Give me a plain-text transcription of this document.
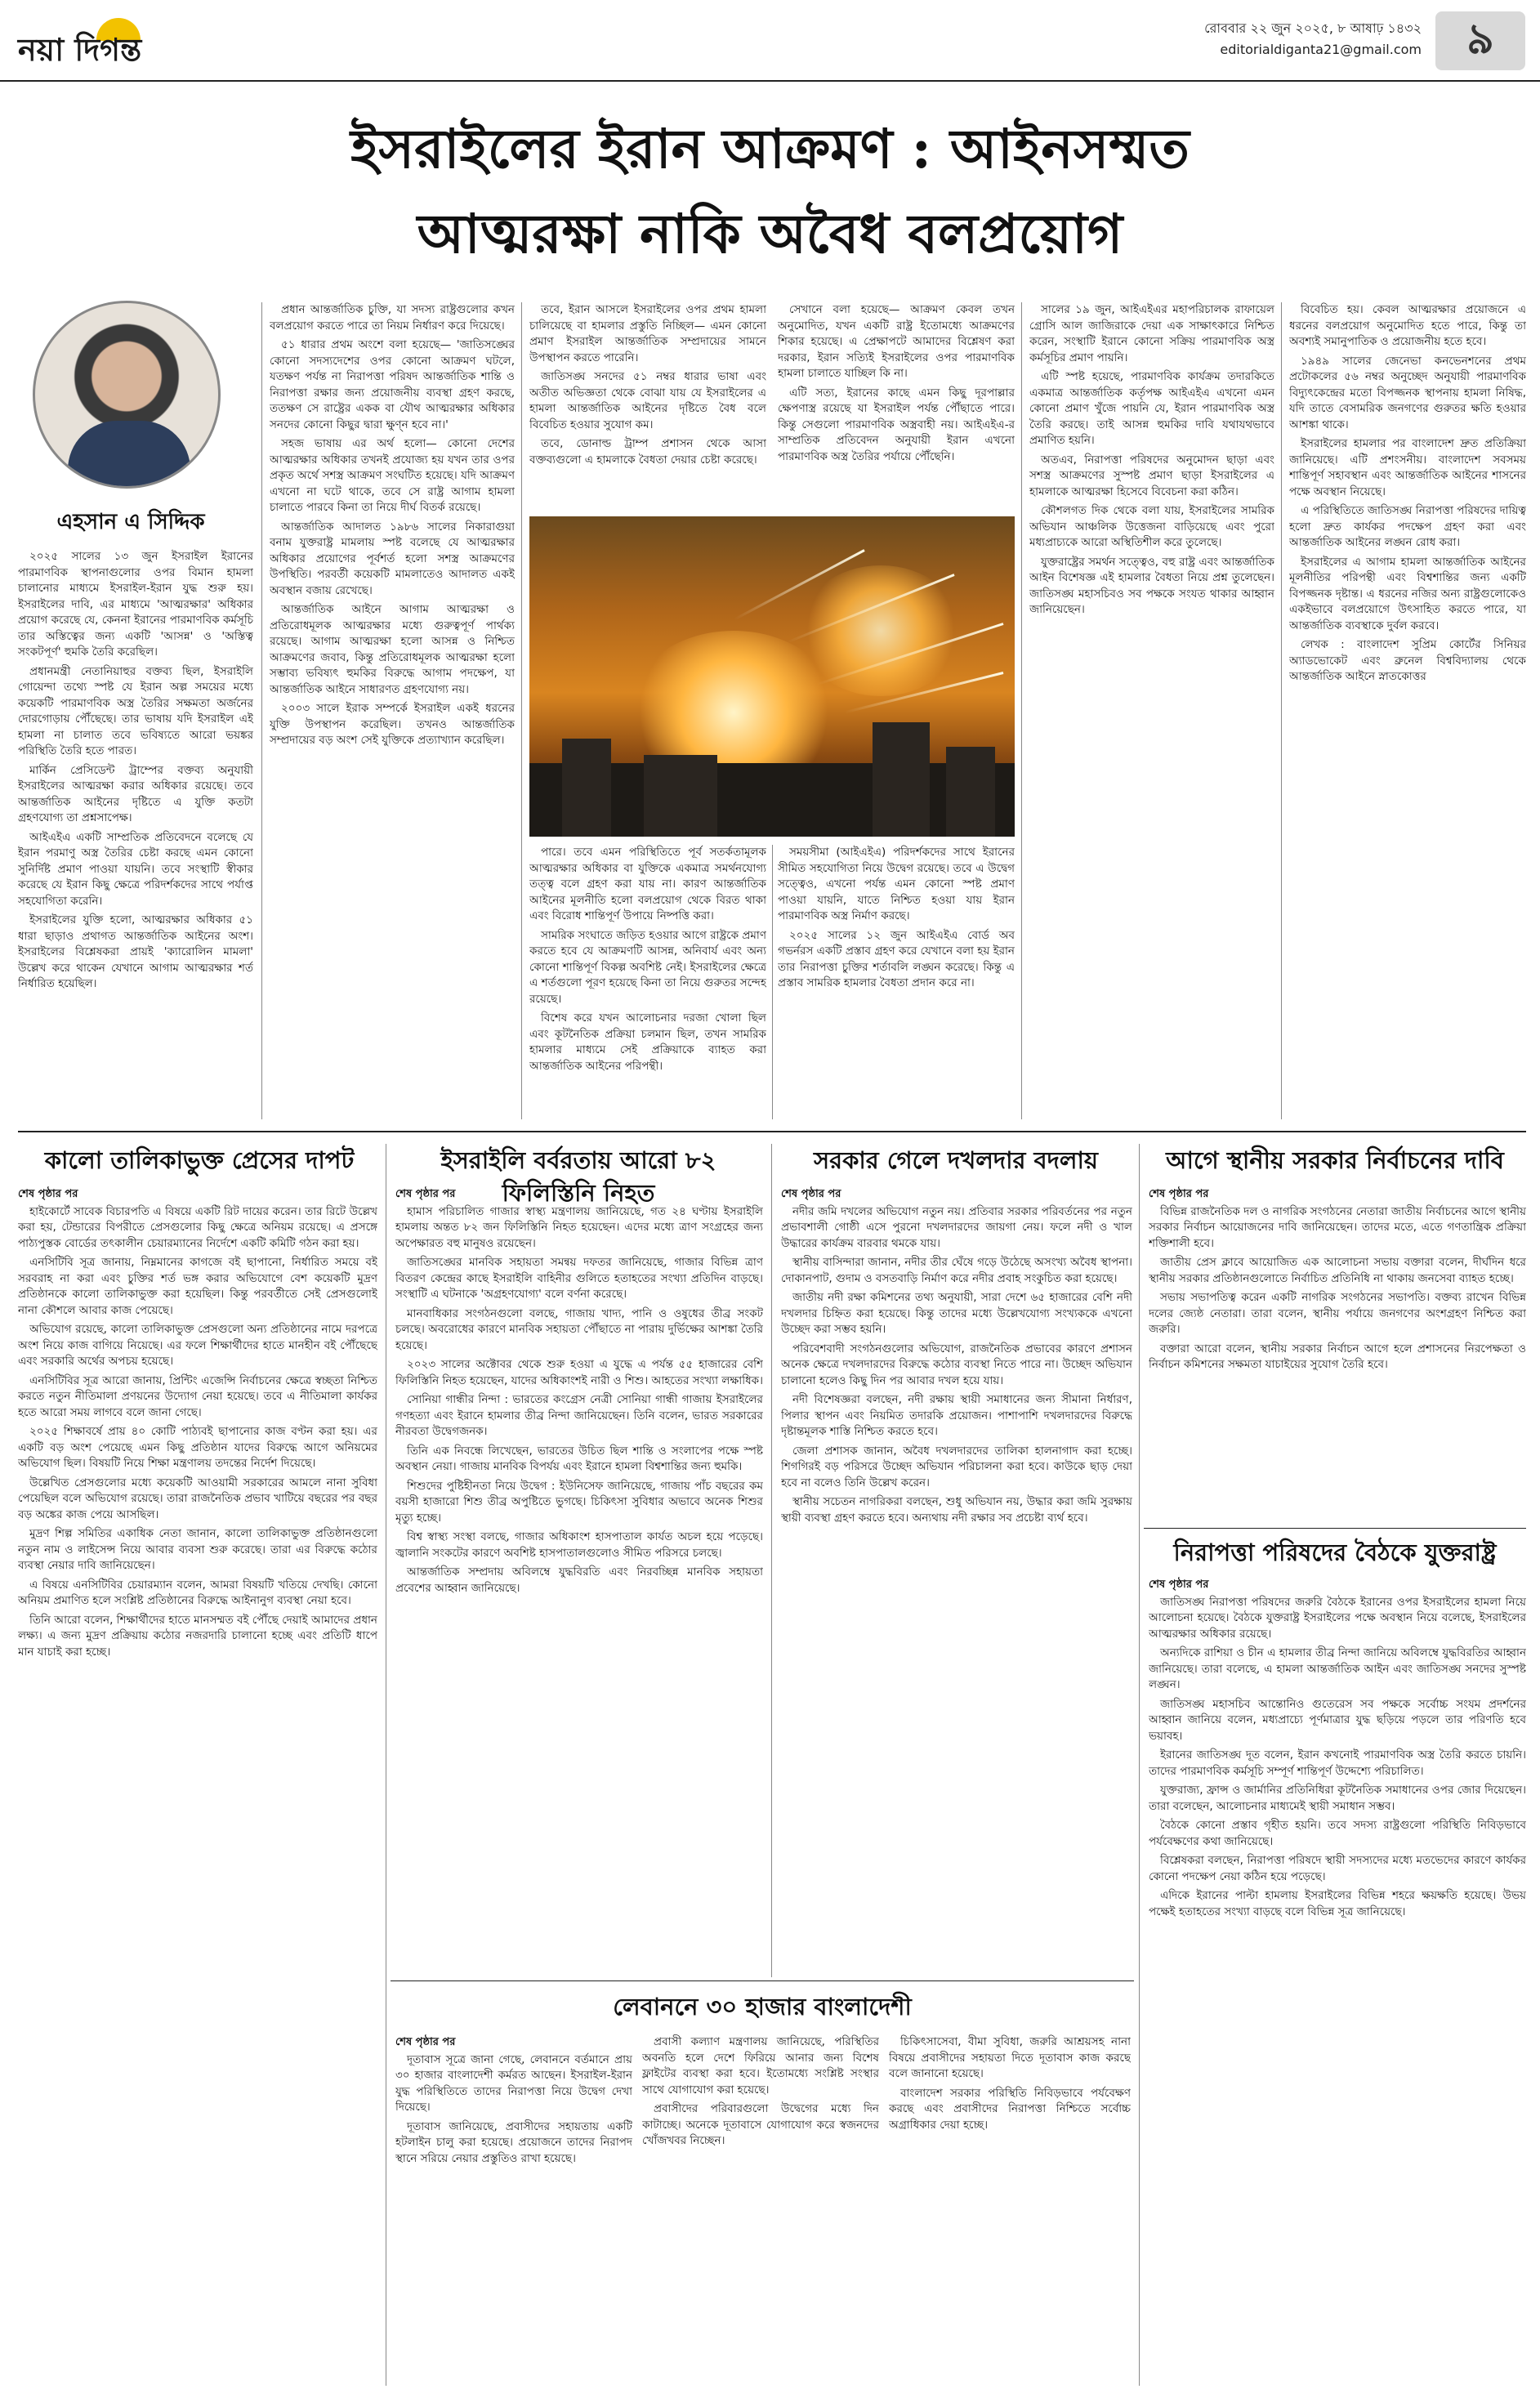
নয়া দিগন্ত
রোববার ২২ জুন ২০২৫, ৮ আষাঢ় ১৪৩২
editorialdiganta21@gmail.com	৯
ইসরাইলের ইরান আক্রমণ : আইনসম্মত
আত্মরক্ষা নাকি অবৈধ বলপ্রয়োগ
এহসান এ সিদ্দিক

২০২৫ সালের ১৩ জুন ইসরাইল ইরানের পারমাণবিক স্থাপনাগুলোর ওপর বিমান হামলা চালানোর মাধ্যমে ইসরাইল-ইরান যুদ্ধ শুরু হয়। ইসরাইলের দাবি, এর মাধ্যমে 'আত্মরক্ষার' অধিকার প্রয়োগ করেছে যে, কেননা ইরানের পারমাণবিক কর্মসূচি তার অস্তিত্বের জন্য একটি 'আসন্ন' ও 'অস্তিত্ব সংকটপূর্ণ' হুমকি তৈরি করেছিল।

প্রধানমন্ত্রী নেতানিয়াহুর বক্তব্য ছিল, ইসরাইলি গোয়েন্দা তথ্যে স্পষ্ট যে ইরান অল্প সময়ের মধ্যে কয়েকটি পারমাণবিক অস্ত্র তৈরির সক্ষমতা অর্জনের দোরগোড়ায় পৌঁছেছে। তার ভাষায় যদি ইসরাইল এই হামলা না চালাত তবে ভবিষ্যতে আরো ভয়ঙ্কর পরিস্থিতি তৈরি হতে পারত।

মার্কিন প্রেসিডেন্ট ট্রাম্পের বক্তব্য অনুযায়ী ইসরাইলের আত্মরক্ষা করার অধিকার রয়েছে। তবে আন্তর্জাতিক আইনের দৃষ্টিতে এ যুক্তি কতটা গ্রহণযোগ্য তা প্রশ্নসাপেক্ষ।

আইএইএ একটি সাম্প্রতিক প্রতিবেদনে বলেছে যে ইরান পরমাণু অস্ত্র তৈরির চেষ্টা করছে এমন কোনো সুনির্দিষ্ট প্রমাণ পাওয়া যায়নি। তবে সংস্থাটি স্বীকার করেছে যে ইরান কিছু ক্ষেত্রে পরিদর্শকদের সাথে পর্যাপ্ত সহযোগিতা করেনি।

ইসরাইলের যুক্তি হলো, আত্মরক্ষার অধিকার ৫১ ধারা ছাড়াও প্রথাগত আন্তর্জাতিক আইনের অংশ। ইসরাইলের বিশ্লেষকরা প্রায়ই 'ক্যারোলিন মামলা' উল্লেখ করে থাকেন যেখানে আগাম আত্মরক্ষার শর্ত নির্ধারিত হয়েছিল।

প্রধান আন্তর্জাতিক চুক্তি, যা সদস্য রাষ্ট্রগুলোর কখন বলপ্রয়োগ করতে পারে তা নিয়ম নির্ধারণ করে দিয়েছে।

৫১ ধারার প্রথম অংশে বলা হয়েছে— 'জাতিসঙ্ঘের কোনো সদস্যদেশের ওপর কোনো আক্রমণ ঘটলে, যতক্ষণ পর্যন্ত না নিরাপত্তা পরিষদ আন্তর্জাতিক শান্তি ও নিরাপত্তা রক্ষার জন্য প্রয়োজনীয় ব্যবস্থা গ্রহণ করছে, ততক্ষণ সে রাষ্ট্রের একক বা যৌথ আত্মরক্ষার অধিকার সনদের কোনো কিছুর দ্বারা ক্ষুণ্ন হবে না।'

সহজ ভাষায় এর অর্থ হলো— কোনো দেশের আত্মরক্ষার অধিকার তখনই প্রযোজ্য হয় যখন তার ওপর প্রকৃত অর্থে সশস্ত্র আক্রমণ সংঘটিত হয়েছে। যদি আক্রমণ এখনো না ঘটে থাকে, তবে সে রাষ্ট্র আগাম হামলা চালাতে পারবে কিনা তা নিয়ে দীর্ঘ বিতর্ক রয়েছে।

আন্তর্জাতিক আদালত ১৯৮৬ সালের নিকারাগুয়া বনাম যুক্তরাষ্ট্র মামলায় স্পষ্ট বলেছে যে আত্মরক্ষার অধিকার প্রয়োগের পূর্বশর্ত হলো সশস্ত্র আক্রমণের উপস্থিতি। পরবর্তী কয়েকটি মামলাতেও আদালত একই অবস্থান বজায় রেখেছে।

আন্তর্জাতিক আইনে আগাম আত্মরক্ষা ও প্রতিরোধমূলক আত্মরক্ষার মধ্যে গুরুত্বপূর্ণ পার্থক্য রয়েছে। আগাম আত্মরক্ষা হলো আসন্ন ও নিশ্চিত আক্রমণের জবাব, কিন্তু প্রতিরোধমূলক আত্মরক্ষা হলো সম্ভাব্য ভবিষ্যৎ হুমকির বিরুদ্ধে আগাম পদক্ষেপ, যা আন্তর্জাতিক আইনে সাধারণত গ্রহণযোগ্য নয়।

২০০৩ সালে ইরাক সম্পর্কে ইসরাইল একই ধরনের যুক্তি উপস্থাপন করেছিল। তখনও আন্তর্জাতিক সম্প্রদায়ের বড় অংশ সেই যুক্তিকে প্রত্যাখ্যান করেছিল।

তবে, ইরান আসলে ইসরাইলের ওপর প্রথম হামলা চালিয়েছে বা হামলার প্রস্তুতি নিচ্ছিল— এমন কোনো প্রমাণ ইসরাইল আন্তর্জাতিক সম্প্রদায়ের সামনে উপস্থাপন করতে পারেনি।

জাতিসঙ্ঘ সনদের ৫১ নম্বর ধারার ভাষা এবং অতীত অভিজ্ঞতা থেকে বোঝা যায় যে ইসরাইলের এ হামলা আন্তর্জাতিক আইনের দৃষ্টিতে বৈধ বলে বিবেচিত হওয়ার সুযোগ কম।

তবে, ডোনাল্ড ট্রাম্প প্রশাসন থেকে আসা বক্তব্যগুলো এ হামলাকে বৈধতা দেয়ার চেষ্টা করেছে।

সেখানে বলা হয়েছে— আক্রমণ কেবল তখন অনুমোদিত, যখন একটি রাষ্ট্র ইতোমধ্যে আক্রমণের শিকার হয়েছে। এ প্রেক্ষাপটে আমাদের বিশ্লেষণ করা দরকার, ইরান সত্যিই ইসরাইলের ওপর পারমাণবিক হামলা চালাতে যাচ্ছিল কি না।

এটি সত্য, ইরানের কাছে এমন কিছু দূরপাল্লার ক্ষেপণাস্ত্র রয়েছে যা ইসরাইল পর্যন্ত পৌঁছাতে পারে। কিন্তু সেগুলো পারমাণবিক অস্ত্রবাহী নয়। আইএইএ-র সাম্প্রতিক প্রতিবেদন অনুযায়ী ইরান এখনো পারমাণবিক অস্ত্র তৈরির পর্যায়ে পৌঁছেনি।

পারে। তবে এমন পরিস্থিতিতে পূর্ব সতর্কতামূলক আত্মরক্ষার অধিকার বা যুক্তিকে একমাত্র সমর্থনযোগ্য তত্ত্ব বলে গ্রহণ করা যায় না। কারণ আন্তর্জাতিক আইনের মূলনীতি হলো বলপ্রয়োগ থেকে বিরত থাকা এবং বিরোধ শান্তিপূর্ণ উপায়ে নিষ্পত্তি করা।

সামরিক সংঘাতে জড়িত হওয়ার আগে রাষ্ট্রকে প্রমাণ করতে হবে যে আক্রমণটি আসন্ন, অনিবার্য এবং অন্য কোনো শান্তিপূর্ণ বিকল্প অবশিষ্ট নেই। ইসরাইলের ক্ষেত্রে এ শর্তগুলো পূরণ হয়েছে কিনা তা নিয়ে গুরুতর সন্দেহ রয়েছে।

বিশেষ করে যখন আলোচনার দরজা খোলা ছিল এবং কূটনৈতিক প্রক্রিয়া চলমান ছিল, তখন সামরিক হামলার মাধ্যমে সেই প্রক্রিয়াকে ব্যাহত করা আন্তর্জাতিক আইনের পরিপন্থী।

সময়সীমা (আইএইএ) পরিদর্শকদের সাথে ইরানের সীমিত সহযোগিতা নিয়ে উদ্বেগ রয়েছে। তবে এ উদ্বেগ সত্ত্বেও, এখনো পর্যন্ত এমন কোনো স্পষ্ট প্রমাণ পাওয়া যায়নি, যাতে নিশ্চিত হওয়া যায় ইরান পারমাণবিক অস্ত্র নির্মাণ করছে।

২০২৫ সালের ১২ জুন আইএইএ বোর্ড অব গভর্নরস একটি প্রস্তাব গ্রহণ করে যেখানে বলা হয় ইরান তার নিরাপত্তা চুক্তির শর্তাবলি লঙ্ঘন করেছে। কিন্তু এ প্রস্তাব সামরিক হামলার বৈধতা প্রদান করে না।

সালের ১৯ জুন, আইএইএর মহাপরিচালক রাফায়েল গ্রোসি আল জাজিরাকে দেয়া এক সাক্ষাৎকারে নিশ্চিত করেন, সংস্থাটি ইরানে কোনো সক্রিয় পারমাণবিক অস্ত্র কর্মসূচির প্রমাণ পায়নি।

এটি স্পষ্ট হয়েছে, পারমাণবিক কার্যক্রম তদারকিতে একমাত্র আন্তর্জাতিক কর্তৃপক্ষ আইএইএ এখনো এমন কোনো প্রমাণ খুঁজে পায়নি যে, ইরান পারমাণবিক অস্ত্র তৈরি করছে। তাই আসন্ন হুমকির দাবি যথাযথভাবে প্রমাণিত হয়নি।

অতএব, নিরাপত্তা পরিষদের অনুমোদন ছাড়া এবং সশস্ত্র আক্রমণের সুস্পষ্ট প্রমাণ ছাড়া ইসরাইলের এ হামলাকে আত্মরক্ষা হিসেবে বিবেচনা করা কঠিন।

কৌশলগত দিক থেকে বলা যায়, ইসরাইলের সামরিক অভিযান আঞ্চলিক উত্তেজনা বাড়িয়েছে এবং পুরো মধ্যপ্রাচ্যকে আরো অস্থিতিশীল করে তুলেছে।

যুক্তরাষ্ট্রের সমর্থন সত্ত্বেও, বহু রাষ্ট্র এবং আন্তর্জাতিক আইন বিশেষজ্ঞ এই হামলার বৈধতা নিয়ে প্রশ্ন তুলেছেন। জাতিসঙ্ঘ মহাসচিবও সব পক্ষকে সংযত থাকার আহ্বান জানিয়েছেন।

বিবেচিত হয়। কেবল আত্মরক্ষার প্রয়োজনে এ ধরনের বলপ্রয়োগ অনুমোদিত হতে পারে, কিন্তু তা অবশ্যই সমানুপাতিক ও প্রয়োজনীয় হতে হবে।

১৯৪৯ সালের জেনেভা কনভেনশনের প্রথম প্রটোকলের ৫৬ নম্বর অনুচ্ছেদ অনুযায়ী পারমাণবিক বিদ্যুৎকেন্দ্রের মতো বিপজ্জনক স্থাপনায় হামলা নিষিদ্ধ, যদি তাতে বেসামরিক জনগণের গুরুতর ক্ষতি হওয়ার আশঙ্কা থাকে।

ইসরাইলের হামলার পর বাংলাদেশ দ্রুত প্রতিক্রিয়া জানিয়েছে। এটি প্রশংসনীয়। বাংলাদেশ সবসময় শান্তিপূর্ণ সহাবস্থান এবং আন্তর্জাতিক আইনের শাসনের পক্ষে অবস্থান নিয়েছে।

এ পরিস্থিতিতে জাতিসঙ্ঘ নিরাপত্তা পরিষদের দায়িত্ব হলো দ্রুত কার্যকর পদক্ষেপ গ্রহণ করা এবং আন্তর্জাতিক আইনের লঙ্ঘন রোধ করা।

ইসরাইলের এ আগাম হামলা আন্তর্জাতিক আইনের মূলনীতির পরিপন্থী এবং বিশ্বশান্তির জন্য একটি বিপজ্জনক দৃষ্টান্ত। এ ধরনের নজির অন্য রাষ্ট্রগুলোকেও একইভাবে বলপ্রয়োগে উৎসাহিত করতে পারে, যা আন্তর্জাতিক ব্যবস্থাকে দুর্বল করবে।

লেখক : বাংলাদেশ সুপ্রিম কোর্টের সিনিয়র অ্যাডভোকেট এবং ব্রুনেল বিশ্ববিদ্যালয় থেকে আন্তর্জাতিক আইনে স্নাতকোত্তর

কালো তালিকাভুক্ত প্রেসের দাপট	ইসরাইলি বর্বরতায় আরো ৮২ ফিলিস্তিনি নিহত
সরকার গেলে দখলদার বদলায়	আগে স্থানীয় সরকার নির্বাচনের দাবি
শেষ পৃষ্ঠার পর

হাইকোর্টে সাবেক বিচারপতি এ বিষয়ে একটি রিট দায়ের করেন। তার রিটে উল্লেখ করা হয়, টেন্ডারের বিপরীতে প্রেসগুলোর কিছু ক্ষেত্রে অনিয়ম রয়েছে। এ প্রসঙ্গে পাঠ্যপুস্তক বোর্ডের তৎকালীন চেয়ারম্যানের নির্দেশে একটি কমিটি গঠন করা হয়।

এনসিটিবি সূত্র জানায়, নিম্নমানের কাগজে বই ছাপানো, নির্ধারিত সময়ে বই সরবরাহ না করা এবং চুক্তির শর্ত ভঙ্গ করার অভিযোগে বেশ কয়েকটি মুদ্রণ প্রতিষ্ঠানকে কালো তালিকাভুক্ত করা হয়েছিল। কিন্তু পরবর্তীতে সেই প্রেসগুলোই নানা কৌশলে আবার কাজ পেয়েছে।

অভিযোগ রয়েছে, কালো তালিকাভুক্ত প্রেসগুলো অন্য প্রতিষ্ঠানের নামে দরপত্রে অংশ নিয়ে কাজ বাগিয়ে নিয়েছে। এর ফলে শিক্ষার্থীদের হাতে মানহীন বই পৌঁছেছে এবং সরকারি অর্থের অপচয় হয়েছে।

এনসিটিবির সূত্র আরো জানায়, প্রিন্টিং এজেন্সি নির্বাচনের ক্ষেত্রে স্বচ্ছতা নিশ্চিত করতে নতুন নীতিমালা প্রণয়নের উদ্যোগ নেয়া হয়েছে। তবে এ নীতিমালা কার্যকর হতে আরো সময় লাগবে বলে জানা গেছে।

২০২৫ শিক্ষাবর্ষে প্রায় ৪০ কোটি পাঠ্যবই ছাপানোর কাজ বণ্টন করা হয়। এর একটি বড় অংশ পেয়েছে এমন কিছু প্রতিষ্ঠান যাদের বিরুদ্ধে আগে অনিয়মের অভিযোগ ছিল। বিষয়টি নিয়ে শিক্ষা মন্ত্রণালয় তদন্তের নির্দেশ দিয়েছে।

উল্লেখিত প্রেসগুলোর মধ্যে কয়েকটি আওয়ামী সরকারের আমলে নানা সুবিধা পেয়েছিল বলে অভিযোগ রয়েছে। তারা রাজনৈতিক প্রভাব খাটিয়ে বছরের পর বছর বড় অঙ্কের কাজ পেয়ে আসছিল।

মুদ্রণ শিল্প সমিতির একাধিক নেতা জানান, কালো তালিকাভুক্ত প্রতিষ্ঠানগুলো নতুন নাম ও লাইসেন্স নিয়ে আবার ব্যবসা শুরু করেছে। তারা এর বিরুদ্ধে কঠোর ব্যবস্থা নেয়ার দাবি জানিয়েছেন।

এ বিষয়ে এনসিটিবির চেয়ারম্যান বলেন, আমরা বিষয়টি খতিয়ে দেখছি। কোনো অনিয়ম প্রমাণিত হলে সংশ্লিষ্ট প্রতিষ্ঠানের বিরুদ্ধে আইনানুগ ব্যবস্থা নেয়া হবে।

তিনি আরো বলেন, শিক্ষার্থীদের হাতে মানসম্মত বই পৌঁছে দেয়াই আমাদের প্রধান লক্ষ্য। এ জন্য মুদ্রণ প্রক্রিয়ায় কঠোর নজরদারি চালানো হচ্ছে এবং প্রতিটি ধাপে মান যাচাই করা হচ্ছে।

শেষ পৃষ্ঠার পর

হামাস পরিচালিত গাজার স্বাস্থ্য মন্ত্রণালয় জানিয়েছে, গত ২৪ ঘণ্টায় ইসরাইলি হামলায় অন্তত ৮২ জন ফিলিস্তিনি নিহত হয়েছেন। এদের মধ্যে ত্রাণ সংগ্রহের জন্য অপেক্ষারত বহু মানুষও রয়েছেন।

জাতিসঙ্ঘের মানবিক সহায়তা সমন্বয় দফতর জানিয়েছে, গাজার বিভিন্ন ত্রাণ বিতরণ কেন্দ্রের কাছে ইসরাইলি বাহিনীর গুলিতে হতাহতের সংখ্যা প্রতিদিন বাড়ছে। সংস্থাটি এ ঘটনাকে 'অগ্রহণযোগ্য' বলে বর্ণনা করেছে।

মানবাধিকার সংগঠনগুলো বলছে, গাজায় খাদ্য, পানি ও ওষুধের তীব্র সংকট চলছে। অবরোধের কারণে মানবিক সহায়তা পৌঁছাতে না পারায় দুর্ভিক্ষের আশঙ্কা তৈরি হয়েছে।

২০২৩ সালের অক্টোবর থেকে শুরু হওয়া এ যুদ্ধে এ পর্যন্ত ৫৫ হাজারের বেশি ফিলিস্তিনি নিহত হয়েছেন, যাদের অধিকাংশই নারী ও শিশু। আহতের সংখ্যা লক্ষাধিক।

সোনিয়া গান্ধীর নিন্দা : ভারতের কংগ্রেস নেত্রী সোনিয়া গান্ধী গাজায় ইসরাইলের গণহত্যা এবং ইরানে হামলার তীব্র নিন্দা জানিয়েছেন। তিনি বলেন, ভারত সরকারের নীরবতা উদ্বেগজনক।

তিনি এক নিবন্ধে লিখেছেন, ভারতের উচিত ছিল শান্তি ও সংলাপের পক্ষে স্পষ্ট অবস্থান নেয়া। গাজায় মানবিক বিপর্যয় এবং ইরানে হামলা বিশ্বশান্তির জন্য হুমকি।

শিশুদের পুষ্টিহীনতা নিয়ে উদ্বেগ : ইউনিসেফ জানিয়েছে, গাজায় পাঁচ বছরের কম বয়সী হাজারো শিশু তীব্র অপুষ্টিতে ভুগছে। চিকিৎসা সুবিধার অভাবে অনেক শিশুর মৃত্যু হচ্ছে।

বিশ্ব স্বাস্থ্য সংস্থা বলছে, গাজার অধিকাংশ হাসপাতাল কার্যত অচল হয়ে পড়েছে। জ্বালানি সংকটের কারণে অবশিষ্ট হাসপাতালগুলোও সীমিত পরিসরে চলছে।

আন্তর্জাতিক সম্প্রদায় অবিলম্বে যুদ্ধবিরতি এবং নিরবচ্ছিন্ন মানবিক সহায়তা প্রবেশের আহ্বান জানিয়েছে।

শেষ পৃষ্ঠার পর

নদীর জমি দখলের অভিযোগ নতুন নয়। প্রতিবার সরকার পরিবর্তনের পর নতুন প্রভাবশালী গোষ্ঠী এসে পুরনো দখলদারদের জায়গা নেয়। ফলে নদী ও খাল উদ্ধারের কার্যক্রম বারবার থমকে যায়।

স্থানীয় বাসিন্দারা জানান, নদীর তীর ঘেঁষে গড়ে উঠেছে অসংখ্য অবৈধ স্থাপনা। দোকানপাট, গুদাম ও বসতবাড়ি নির্মাণ করে নদীর প্রবাহ সংকুচিত করা হয়েছে।

জাতীয় নদী রক্ষা কমিশনের তথ্য অনুযায়ী, সারা দেশে ৬৫ হাজারের বেশি নদী দখলদার চিহ্নিত করা হয়েছে। কিন্তু তাদের মধ্যে উল্লেখযোগ্য সংখ্যককে এখনো উচ্ছেদ করা সম্ভব হয়নি।

পরিবেশবাদী সংগঠনগুলোর অভিযোগ, রাজনৈতিক প্রভাবের কারণে প্রশাসন অনেক ক্ষেত্রে দখলদারদের বিরুদ্ধে কঠোর ব্যবস্থা নিতে পারে না। উচ্ছেদ অভিযান চালানো হলেও কিছু দিন পর আবার দখল হয়ে যায়।

নদী বিশেষজ্ঞরা বলছেন, নদী রক্ষায় স্থায়ী সমাধানের জন্য সীমানা নির্ধারণ, পিলার স্থাপন এবং নিয়মিত তদারকি প্রয়োজন। পাশাপাশি দখলদারদের বিরুদ্ধে দৃষ্টান্তমূলক শাস্তি নিশ্চিত করতে হবে।

জেলা প্রশাসক জানান, অবৈধ দখলদারদের তালিকা হালনাগাদ করা হচ্ছে। শিগগিরই বড় পরিসরে উচ্ছেদ অভিযান পরিচালনা করা হবে। কাউকে ছাড় দেয়া হবে না বলেও তিনি উল্লেখ করেন।

স্থানীয় সচেতন নাগরিকরা বলছেন, শুধু অভিযান নয়, উদ্ধার করা জমি সুরক্ষায় স্থায়ী ব্যবস্থা গ্রহণ করতে হবে। অন্যথায় নদী রক্ষার সব প্রচেষ্টা ব্যর্থ হবে।

শেষ পৃষ্ঠার পর

বিভিন্ন রাজনৈতিক দল ও নাগরিক সংগঠনের নেতারা জাতীয় নির্বাচনের আগে স্থানীয় সরকার নির্বাচন আয়োজনের দাবি জানিয়েছেন। তাদের মতে, এতে গণতান্ত্রিক প্রক্রিয়া শক্তিশালী হবে।

জাতীয় প্রেস ক্লাবে আয়োজিত এক আলোচনা সভায় বক্তারা বলেন, দীর্ঘদিন ধরে স্থানীয় সরকার প্রতিষ্ঠানগুলোতে নির্বাচিত প্রতিনিধি না থাকায় জনসেবা ব্যাহত হচ্ছে।

সভায় সভাপতিত্ব করেন একটি নাগরিক সংগঠনের সভাপতি। বক্তব্য রাখেন বিভিন্ন দলের জ্যেষ্ঠ নেতারা। তারা বলেন, স্থানীয় পর্যায়ে জনগণের অংশগ্রহণ নিশ্চিত করা জরুরি।

বক্তারা আরো বলেন, স্থানীয় সরকার নির্বাচন আগে হলে প্রশাসনের নিরপেক্ষতা ও নির্বাচন কমিশনের সক্ষমতা যাচাইয়ের সুযোগ তৈরি হবে।

নিরাপত্তা পরিষদের বৈঠকে যুক্তরাষ্ট্র
শেষ পৃষ্ঠার পর

জাতিসঙ্ঘ নিরাপত্তা পরিষদের জরুরি বৈঠকে ইরানের ওপর ইসরাইলের হামলা নিয়ে আলোচনা হয়েছে। বৈঠকে যুক্তরাষ্ট্র ইসরাইলের পক্ষে অবস্থান নিয়ে বলেছে, ইসরাইলের আত্মরক্ষার অধিকার রয়েছে।

অন্যদিকে রাশিয়া ও চীন এ হামলার তীব্র নিন্দা জানিয়ে অবিলম্বে যুদ্ধবিরতির আহ্বান জানিয়েছে। তারা বলেছে, এ হামলা আন্তর্জাতিক আইন এবং জাতিসঙ্ঘ সনদের সুস্পষ্ট লঙ্ঘন।

জাতিসঙ্ঘ মহাসচিব আন্তোনিও গুতেরেস সব পক্ষকে সর্বোচ্চ সংযম প্রদর্শনের আহ্বান জানিয়ে বলেন, মধ্যপ্রাচ্যে পূর্ণমাত্রার যুদ্ধ ছড়িয়ে পড়লে তার পরিণতি হবে ভয়াবহ।

ইরানের জাতিসঙ্ঘ দূত বলেন, ইরান কখনোই পারমাণবিক অস্ত্র তৈরি করতে চায়নি। তাদের পারমাণবিক কর্মসূচি সম্পূর্ণ শান্তিপূর্ণ উদ্দেশ্যে পরিচালিত।

যুক্তরাজ্য, ফ্রান্স ও জার্মানির প্রতিনিধিরা কূটনৈতিক সমাধানের ওপর জোর দিয়েছেন। তারা বলেছেন, আলোচনার মাধ্যমেই স্থায়ী সমাধান সম্ভব।

বৈঠকে কোনো প্রস্তাব গৃহীত হয়নি। তবে সদস্য রাষ্ট্রগুলো পরিস্থিতি নিবিড়ভাবে পর্যবেক্ষণের কথা জানিয়েছে।

বিশ্লেষকরা বলছেন, নিরাপত্তা পরিষদে স্থায়ী সদস্যদের মধ্যে মতভেদের কারণে কার্যকর কোনো পদক্ষেপ নেয়া কঠিন হয়ে পড়েছে।

এদিকে ইরানের পাল্টা হামলায় ইসরাইলের বিভিন্ন শহরে ক্ষয়ক্ষতি হয়েছে। উভয় পক্ষেই হতাহতের সংখ্যা বাড়ছে বলে বিভিন্ন সূত্র জানিয়েছে।

লেবাননে ৩০ হাজার বাংলাদেশী
শেষ পৃষ্ঠার পর

দূতাবাস সূত্রে জানা গেছে, লেবাননে বর্তমানে প্রায় ৩০ হাজার বাংলাদেশী কর্মরত আছেন। ইসরাইল-ইরান যুদ্ধ পরিস্থিতিতে তাদের নিরাপত্তা নিয়ে উদ্বেগ দেখা দিয়েছে।

দূতাবাস জানিয়েছে, প্রবাসীদের সহায়তায় একটি হটলাইন চালু করা হয়েছে। প্রয়োজনে তাদের নিরাপদ স্থানে সরিয়ে নেয়ার প্রস্তুতিও রাখা হয়েছে।

প্রবাসী কল্যাণ মন্ত্রণালয় জানিয়েছে, পরিস্থিতির অবনতি হলে দেশে ফিরিয়ে আনার জন্য বিশেষ ফ্লাইটের ব্যবস্থা করা হবে। ইতোমধ্যে সংশ্লিষ্ট সংস্থার সাথে যোগাযোগ করা হয়েছে।

প্রবাসীদের পরিবারগুলো উদ্বেগের মধ্যে দিন কাটাচ্ছে। অনেকে দূতাবাসে যোগাযোগ করে স্বজনদের খোঁজখবর নিচ্ছেন।

চিকিৎসাসেবা, বীমা সুবিধা, জরুরি আশ্রয়সহ নানা বিষয়ে প্রবাসীদের সহায়তা দিতে দূতাবাস কাজ করছে বলে জানানো হয়েছে।

বাংলাদেশ সরকার পরিস্থিতি নিবিড়ভাবে পর্যবেক্ষণ করছে এবং প্রবাসীদের নিরাপত্তা নিশ্চিতে সর্বোচ্চ অগ্রাধিকার দেয়া হচ্ছে।
